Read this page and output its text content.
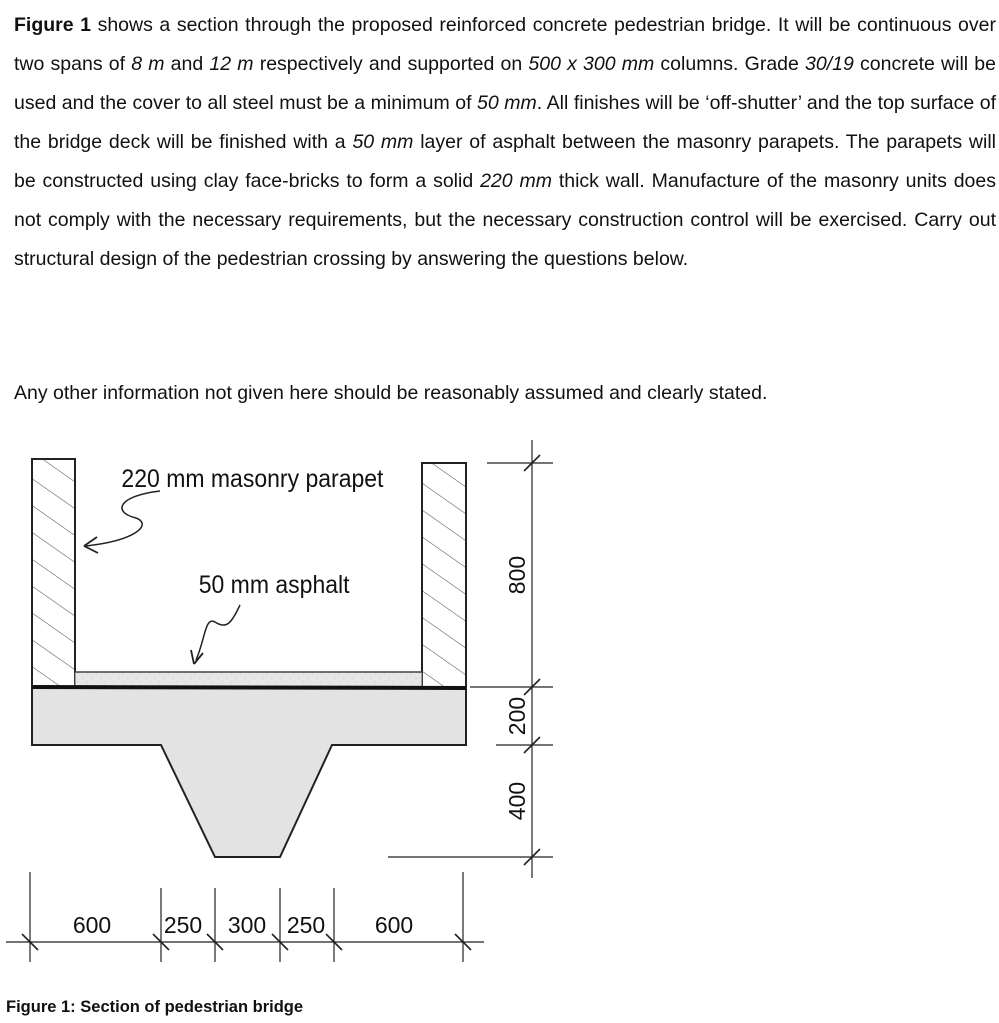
Figure 1 shows a section through the proposed reinforced concrete pedestrian bridge. It will be continuous over two spans of 8 m and 12 m respectively and supported on 500 x 300 mm columns. Grade 30/19 concrete will be used and the cover to all steel must be a minimum of 50 mm. All finishes will be ‘off-shutter’ and the top surface of the bridge deck will be finished with a 50 mm layer of asphalt between the masonry parapets. The parapets will be constructed using clay face-bricks to form a solid 220 mm thick wall. Manufacture of the masonry units does not comply with the necessary requirements, but the necessary construction control will be exercised. Carry out structural design of the pedestrian crossing by answering the questions below.
Any other information not given here should be reasonably assumed and clearly stated.
220 mm masonry parapet
50 mm asphalt	800
200
400
600 250 300 250 600
Figure 1: Section of pedestrian bridge
